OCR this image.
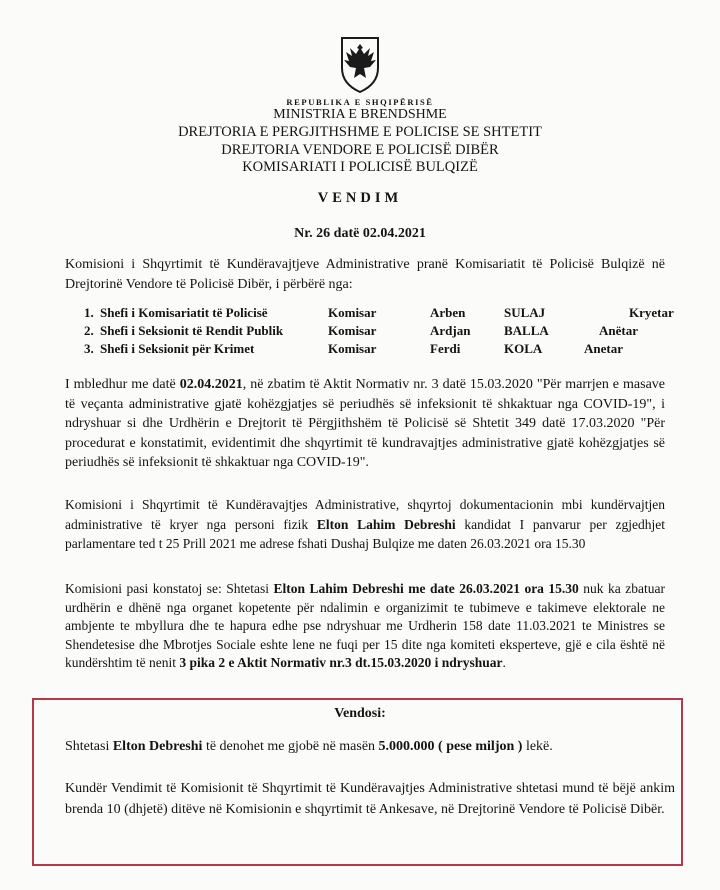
REPUBLIKA E SHQIPËRISË
MINISTRIA E BRENDSHME
DREJTORIA E PERGJITHSHME E POLICISE SE SHTETIT
DREJTORIA VENDORE E POLICISË DIBËR
KOMISARIATI I POLICISË BULQIZË
VENDIM
Nr. 26 datë 02.04.2021
Komisioni i Shqyrtimit të Kundëravajtjeve Administrative pranë Komisariatit të Policisë Bulqizë në Drejtorinë Vendore të Policisë Dibër, i përbërë nga:
1. Shefi i Komisariatit të Policisë	Komisar	Arben	SULAJ	Kryetar
2. Shefi i Seksionit të Rendit Publik	Komisar	Ardjan	BALLA	Anëtar
3. Shefi i Seksionit për Krimet	Komisar	Ferdi	KOLA	Anetar
I mbledhur me datë 02.04.2021, në zbatim të Aktit Normativ nr. 3 datë 15.03.2020 "Për marrjen e masave të veçanta administrative gjatë kohëzgjatjes së periudhës së infeksionit të shkaktuar nga COVID-19", i ndryshuar si dhe Urdhërin e Drejtorit të Përgjithshëm të Policisë së Shtetit 349 datë 17.03.2020 "Për procedurat e konstatimit, evidentimit dhe shqyrtimit të kundravajtjes administrative gjatë kohëzgjatjes së periudhës së infeksionit të shkaktuar nga COVID-19".
Komisioni i Shqyrtimit të Kundëravajtjes Administrative, shqyrtoj dokumentacionin mbi kundërvajtjen administrative të kryer nga personi fizik Elton Lahim Debreshi kandidat I panvarur per zgjedhjet parlamentare ted t 25 Prill 2021 me adrese fshati Dushaj Bulqize me daten 26.03.2021 ora 15.30
Komisioni pasi konstatoj se: Shtetasi Elton Lahim Debreshi me date 26.03.2021 ora 15.30 nuk ka zbatuar urdhërin e dhënë nga organet kopetente për ndalimin e organizimit te tubimeve e takimeve elektorale ne ambjente te mbyllura dhe te hapura edhe pse ndryshuar me Urdherin 158 date 11.03.2021 te Ministres se Shendetesise dhe Mbrotjes Sociale eshte lene ne fuqi per 15 dite nga komiteti eksperteve, gjë e cila është në kundërshtim të nenit 3 pika 2 e Aktit Normativ nr.3 dt.15.03.2020 i ndryshuar.
Vendosi:
Shtetasi Elton Debreshi të denohet me gjobë në masën 5.000.000 ( pese miljon ) lekë.
Kundër Vendimit të Komisionit të Shqyrtimit të Kundëravajtjes Administrative shtetasi mund të bëjë ankim brenda 10 (dhjetë) ditëve në Komisionin e shqyrtimit të Ankesave, në Drejtorinë Vendore të Policisë Dibër.
